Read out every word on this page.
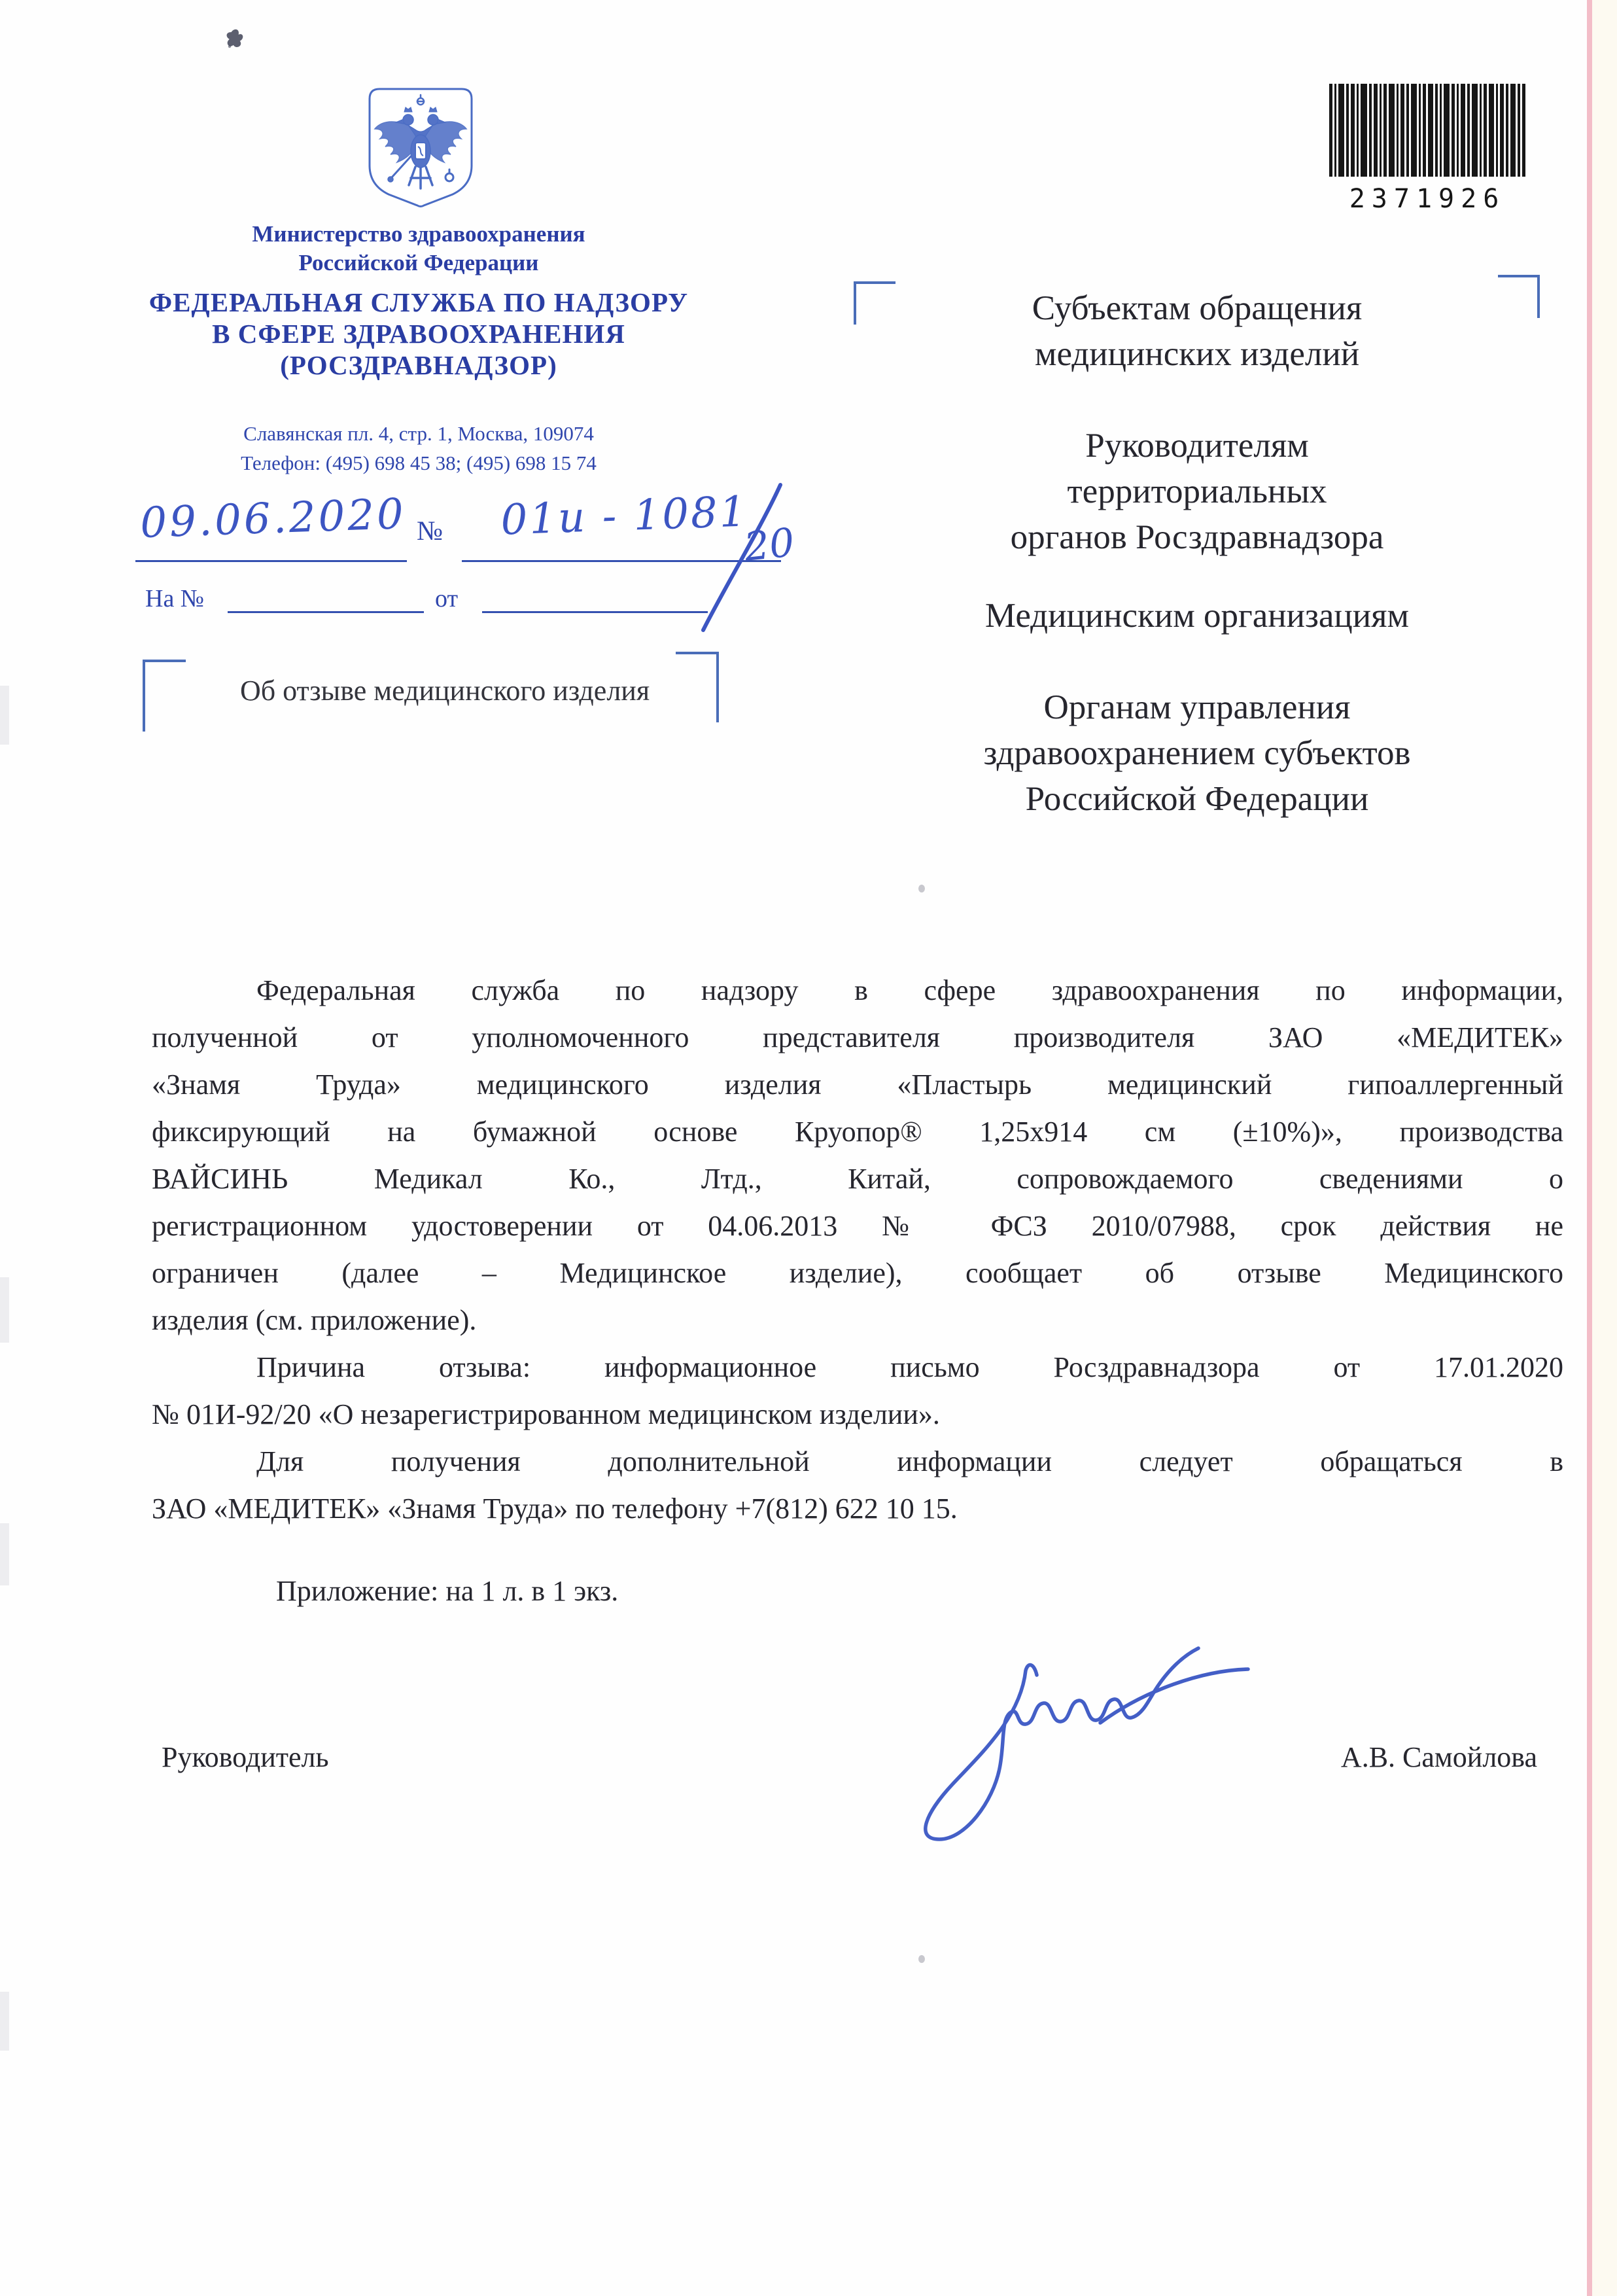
Министерство здравоохранения
Российской Федерации
ФЕДЕРАЛЬНАЯ СЛУЖБА ПО НАДЗОРУ
В СФЕРЕ ЗДРАВООХРАНЕНИЯ
(РОСЗДРАВНАДЗОР)
Славянская пл. 4, стр. 1, Москва, 109074
Телефон: (495) 698 45 38; (495) 698 15 74
2371926
09.06.2020 №	01и - 1081
20
На №	от
Об отзыве медицинского изделия
Субъектам обращения
медицинских изделий
Руководителям
территориальных
органов Росздравнадзора
Медицинским организациям
Органам управления
здравоохранением субъектов
Российской Федерации
Федеральная служба по надзору в сфере здравоохранения по информации,
полученной от уполномоченного представителя производителя ЗАО «МЕДИТЕК»
«Знамя Труда» медицинского изделия «Пластырь медицинский гипоаллергенный
фиксирующий на бумажной основе Круопор® 1,25х914 см (±10%)», производства
ВАЙСИНЬ Медикал Ко., Лтд., Китай, сопровождаемого сведениями о
регистрационном удостоверении от 04.06.2013 № ФСЗ 2010/07988, срок действия не
ограничен (далее – Медицинское изделие), сообщает об отзыве Медицинского
изделия (см. приложение).
Причина отзыва: информационное письмо Росздравнадзора от 17.01.2020
№ 01И-92/20 «О незарегистрированном медицинском изделии».
Для получения дополнительной информации следует обращаться в
ЗАО «МЕДИТЕК» «Знамя Труда» по телефону +7(812) 622 10 15.
Приложение: на 1 л. в 1 экз.
Руководитель	А.В. Самойлова
